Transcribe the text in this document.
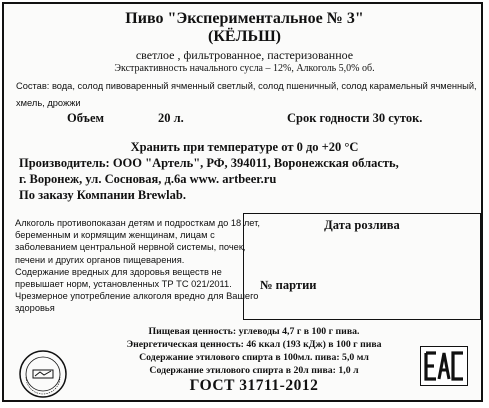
Пиво "Экспериментальное № 3"
(КЁЛЬШ)
светлое , фильтрованное, пастеризованное
Экстрактивность начального сусла – 12%, Алкоголь 5,0% об.
Состав: вода, солод пивоваренный ячменный светлый, солод пшеничный, солод карамельный ячменный, хмель, дрожжи
Объем	20 л.	Срок годности 30 суток.
Хранить при температуре от 0 до +20 °С
Производитель: ООО "Артель", РФ, 394011, Воронежская область,
г. Воронеж, ул. Сосновая, д.6а www. artbeer.ru
По заказу Компании Brewlab.

Алкоголь противопоказан детям и подросткам до 18 лет, беременным и кормящим женщинам, лицам с заболеванием центральной нервной системы, почек, печени и других органов пищеварения.

Содержание вредных для здоровья веществ не превышает норм, установленных ТР ТС 021/2011.

Чрезмерное употребление алкоголя вредно для Вашего здоровья

Дата розлива
№ партии
Пищевая ценность: углеводы 4,7 г в 100 г пива.
Энергетическая ценность: 46 ккал (193 кДж) в 100 г пива
Содержание этилового спирта в 100мл. пива: 5,0 мл
Содержание этилового спирта в 20л пива: 1,0 л
ГОСТ 31711-2012
